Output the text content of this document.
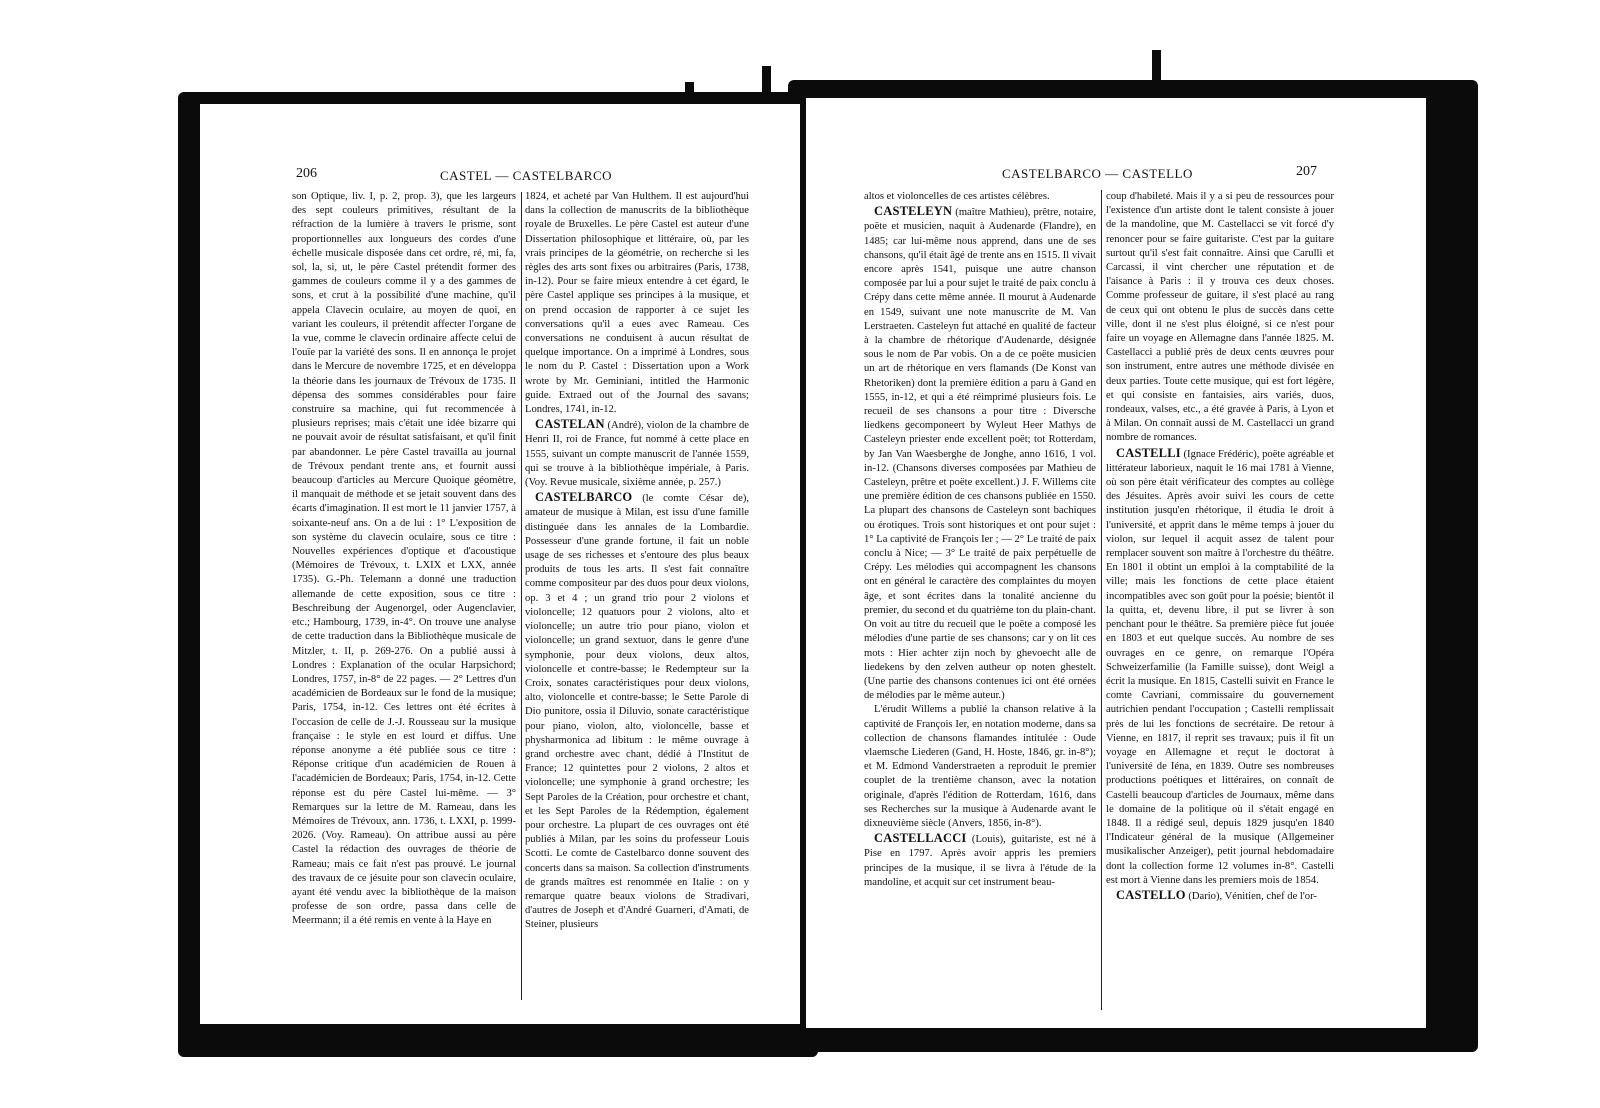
206	CASTEL — CASTELBARCO

son Optique, liv. I, p. 2, prop. 3), que les largeurs des sept couleurs primitives, résultant de la réfraction de la lumière à travers le prisme, sont proportionnelles aux longueurs des cordes d'une échelle musicale disposée dans cet ordre, ré, mi, fa, sol, la, si, ut, le père Castel prétendit former des gammes de couleurs comme il y a des gammes de sons, et crut à la possibilité d'une machine, qu'il appela Clavecin oculaire, au moyen de quoi, en variant les couleurs, il prétendit affecter l'organe de la vue, comme le clavecin ordinaire affecte celui de l'ouïe par la variété des sons. Il en annonça le projet dans le Mercure de novembre 1725, et en développa la théorie dans les journaux de Trévoux de 1735. Il dépensa des sommes considérables pour faire construire sa machine, qui fut recommencée à plusieurs reprises; mais c'était une idée bizarre qui ne pouvait avoir de résultat satisfaisant, et qu'il finit par abandonner. Le père Castel travailla au journal de Trévoux pendant trente ans, et fournit aussi beaucoup d'articles au Mercure Quoique géomètre, il manquait de méthode et se jetait souvent dans des écarts d'imagination. Il est mort le 11 janvier 1757, à soixante-neuf ans. On a de lui : 1° L'exposition de son système du clavecin oculaire, sous ce titre : Nouvelles expériences d'optique et d'acoustique (Mémoires de Trévoux, t. LXIX et LXX, année 1735). G.-Ph. Telemann a donné une traduction allemande de cette exposition, sous ce titre : Beschreibung der Augenorgel, oder Augenclavier, etc.; Hambourg, 1739, in-4°. On trouve une analyse de cette traduction dans la Bibliothèque musicale de Mitzler, t. II, p. 269-276. On a publié aussi à Londres : Explanation of the ocular Harpsichord; Londres, 1757, in-8° de 22 pages. — 2° Lettres d'un académicien de Bordeaux sur le fond de la musique; Paris, 1754, in-12. Ces lettres ont été écrites à l'occasion de celle de J.-J. Rousseau sur la musique française : le style en est lourd et diffus. Une réponse anonyme a été publiée sous ce titre : Réponse critique d'un académicien de Rouen à l'académicien de Bordeaux; Paris, 1754, in-12. Cette réponse est du père Castel lui-même. — 3° Remarques sur la lettre de M. Rameau, dans les Mémoires de Trévoux, ann. 1736, t. LXXI, p. 1999-2026. (Voy. Rameau). On attribue aussi au père Castel la rédaction des ouvrages de théorie de Rameau; mais ce fait n'est pas prouvé. Le journal des travaux de ce jésuite pour son clavecin oculaire, ayant été vendu avec la bibliothèque de la maison professe de son ordre, passa dans celle de Meermann; il a été remis en vente à la Haye en

1824, et acheté par Van Hulthem. Il est aujourd'hui dans la collection de manuscrits de la bibliothèque royale de Bruxelles. Le père Castel est auteur d'une Dissertation philosophique et littéraire, où, par les vrais principes de la géométrie, on recherche si les règles des arts sont fixes ou arbitraires (Paris, 1738, in-12). Pour se faire mieux entendre à cet égard, le père Castel applique ses principes à la musique, et on prend occasion de rapporter à ce sujet les conversations qu'il a eues avec Rameau. Ces conversations ne conduisent à aucun résultat de quelque importance. On a imprimé à Londres, sous le nom du P. Castel : Dissertation upon a Work wrote by Mr. Geminiani, intitled the Harmonic guide. Extraed out of the Journal des savans; Londres, 1741, in-12.

CASTELAN (André), violon de la chambre de Henri II, roi de France, fut nommé à cette place en 1555, suivant un compte manuscrit de l'année 1559, qui se trouve à la bibliothèque impériale, à Paris. (Voy. Revue musicale, sixième année, p. 257.)

CASTELBARCO (le comte César de), amateur de musique à Milan, est issu d'une famille distinguée dans les annales de la Lombardie. Possesseur d'une grande fortune, il fait un noble usage de ses richesses et s'entoure des plus beaux produits de tous les arts. Il s'est fait connaître comme compositeur par des duos pour deux violons, op. 3 et 4 ; un grand trio pour 2 violons et violoncelle; 12 quatuors pour 2 violons, alto et violoncelle; un autre trio pour piano, violon et violoncelle; un grand sextuor, dans le genre d'une symphonie, pour deux violons, deux altos, violoncelle et contre-basse; le Redempteur sur la Croix, sonates caractéristiques pour deux violons, alto, violoncelle et contre-basse; le Sette Parole di Dio punitore, ossia il Diluvio, sonate caractéristique pour piano, violon, alto, violoncelle, basse et physharmonica ad libitum : le même ouvrage à grand orchestre avec chant, dédié à l'Institut de France; 12 quintettes pour 2 violons, 2 altos et violoncelle; une symphonie à grand orchestre; les Sept Paroles de la Création, pour orchestre et chant, et les Sept Paroles de la Rédemption, également pour orchestre. La plupart de ces ouvrages ont été publiés à Milan, par les soins du professeur Louis Scotti. Le comte de Castelbarco donne souvent des concerts dans sa maison. Sa collection d'instruments de grands maîtres est renommée en Italie : on y remarque quatre beaux violons de Stradivari, d'autres de Joseph et d'André Guarneri, d'Amati, de Steiner, plusieurs

CASTELBARCO — CASTELLO	207

altos et violoncelles de ces artistes célèbres.

CASTELEYN (maître Mathieu), prêtre, notaire, poëte et musicien, naquit à Audenarde (Flandre), en 1485; car lui-même nous apprend, dans une de ses chansons, qu'il était âgé de trente ans en 1515. Il vivait encore après 1541, puisque une autre chanson composée par lui a pour sujet le traité de paix conclu à Crépy dans cette même année. Il mourut à Audenarde en 1549, suivant une note manuscrite de M. Van Lerstraeten. Casteleyn fut attaché en qualité de facteur à la chambre de rhétorique d'Audenarde, désignée sous le nom de Par vobis. On a de ce poëte musicien un art de rhétorique en vers flamands (De Konst van Rhetoriken) dont la première édition a paru à Gand en 1555, in-12, et qui a été réimprimé plusieurs fois. Le recueil de ses chansons a pour titre : Diversche liedkens gecomponeert by Wyleut Heer Mathys de Casteleyn priester ende excellent poët; tot Rotterdam, by Jan Van Waesberghe de Jonghe, anno 1616, 1 vol. in-12. (Chansons diverses composées par Mathieu de Casteleyn, prêtre et poëte excellent.) J. F. Willems cite une première édition de ces chansons publiée en 1550. La plupart des chansons de Casteleyn sont bachiques ou érotiques. Trois sont historiques et ont pour sujet : 1° La captivité de François Ier ; — 2° Le traité de paix conclu à Nice; — 3° Le traité de paix perpétuelle de Crépy. Les mélodies qui accompagnent les chansons ont en général le caractère des complaintes du moyen âge, et sont écrites dans la tonalité ancienne du premier, du second et du quatrième ton du plain-chant. On voit au titre du recueil que le poëte a composé les mélodies d'une partie de ses chansons; car y on lit ces mots : Hier achter zijn noch by ghevoecht alle de liedekens by den zelven autheur op noten ghestelt. (Une partie des chansons contenues ici ont été ornées de mélodies par le même auteur.)

L'érudit Willems a publié la chanson relative à la captivité de François Ier, en notation moderne, dans sa collection de chansons flamandes intitulée : Oude vlaemsche Liederen (Gand, H. Hoste, 1846, gr. in-8°); et M. Edmond Vanderstraeten a reproduit le premier couplet de la trentième chanson, avec la notation originale, d'après l'édition de Rotterdam, 1616, dans ses Recherches sur la musique à Audenarde avant le dixneuvième siècle (Anvers, 1856, in-8°).

CASTELLACCI (Louis), guitariste, est né à Pise en 1797. Après avoir appris les premiers principes de la musique, il se livra à l'étude de la mandoline, et acquit sur cet instrument beau-

coup d'habileté. Mais il y a si peu de ressources pour l'existence d'un artiste dont le talent consiste à jouer de la mandoline, que M. Castellacci se vit forcé d'y renoncer pour se faire guitariste. C'est par la guitare surtout qu'il s'est fait connaître. Ainsi que Carulli et Carcassi, il vint chercher une réputation et de l'aisance à Paris : il y trouva ces deux choses. Comme professeur de guitare, il s'est placé au rang de ceux qui ont obtenu le plus de succès dans cette ville, dont il ne s'est plus éloigné, si ce n'est pour faire un voyage en Allemagne dans l'année 1825. M. Castellacci a publié près de deux cents œuvres pour son instrument, entre autres une méthode divisée en deux parties. Toute cette musique, qui est fort légère, et qui consiste en fantaisies, airs variés, duos, rondeaux, valses, etc., a été gravée à Paris, à Lyon et à Milan. On connaît aussi de M. Castellacci un grand nombre de romances.

CASTELLI (Ignace Frédéric), poëte agréable et littérateur laborieux, naquit le 16 mai 1781 à Vienne, où son père était vérificateur des comptes au collège des Jésuites. Après avoir suivi les cours de cette institution jusqu'en rhétorique, il étudia le droit à l'université, et apprit dans le même temps à jouer du violon, sur lequel il acquit assez de talent pour remplacer souvent son maître à l'orchestre du théâtre. En 1801 il obtint un emploi à la comptabilité de la ville; mais les fonctions de cette place étaient incompatibles avec son goût pour la poésie; bientôt il la quitta, et, devenu libre, il put se livrer à son penchant pour le théâtre. Sa première pièce fut jouée en 1803 et eut quelque succès. Au nombre de ses ouvrages en ce genre, on remarque l'Opéra Schweizerfamilie (la Famille suisse), dont Weigl a écrit la musique. En 1815, Castelli suivit en France le comte Cavriani, commissaire du gouvernement autrichien pendant l'occupation ; Castelli remplissait près de lui les fonctions de secrétaire. De retour à Vienne, en 1817, il reprit ses travaux; puis il fit un voyage en Allemagne et reçut le doctorat à l'université de Iéna, en 1839. Outre ses nombreuses productions poétiques et littéraires, on connaît de Castelli beaucoup d'articles de Journaux, même dans le domaine de la politique où il s'était engagé en 1848. Il a rédigé seul, depuis 1829 jusqu'en 1840 l'Indicateur général de la musique (Allgemeiner musikalischer Anzeiger), petit journal hebdomadaire dont la collection forme 12 volumes in-8°. Castelli est mort à Vienne dans les premiers mois de 1854.

CASTELLO (Dario), Vénitien, chef de l'or-
